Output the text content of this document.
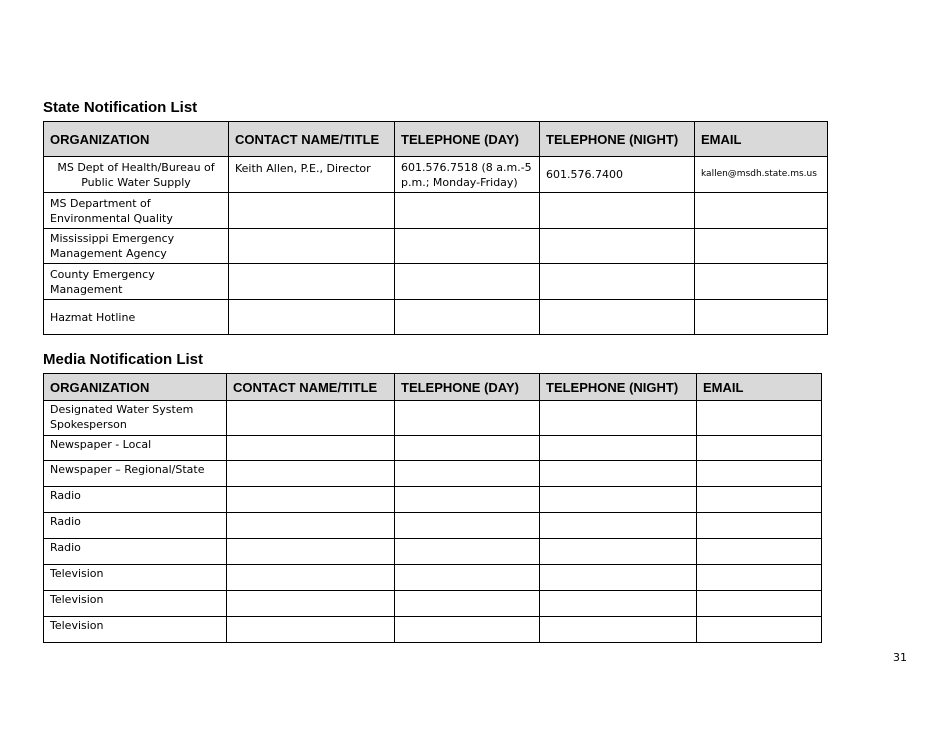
State Notification List
ORGANIZATION	CONTACT NAME/TITLE	TELEPHONE (DAY)	TELEPHONE (NIGHT)	EMAIL
MS Dept of Health/Bureau of Public Water Supply	Keith Allen, P.E., Director	601.576.7518 (8 a.m.-5 p.m.; Monday-Friday)	601.576.7400	kallen@msdh.state.ms.us
MS Department of Environmental Quality				
Mississippi Emergency Management Agency				
County Emergency Management				
Hazmat Hotline				
Media Notification List
ORGANIZATION	CONTACT NAME/TITLE	TELEPHONE (DAY)	TELEPHONE (NIGHT)	EMAIL
Designated Water System Spokesperson				
Newspaper - Local				
Newspaper – Regional/State				
Radio				
Radio				
Radio				
Television				
Television				
Television				
31
